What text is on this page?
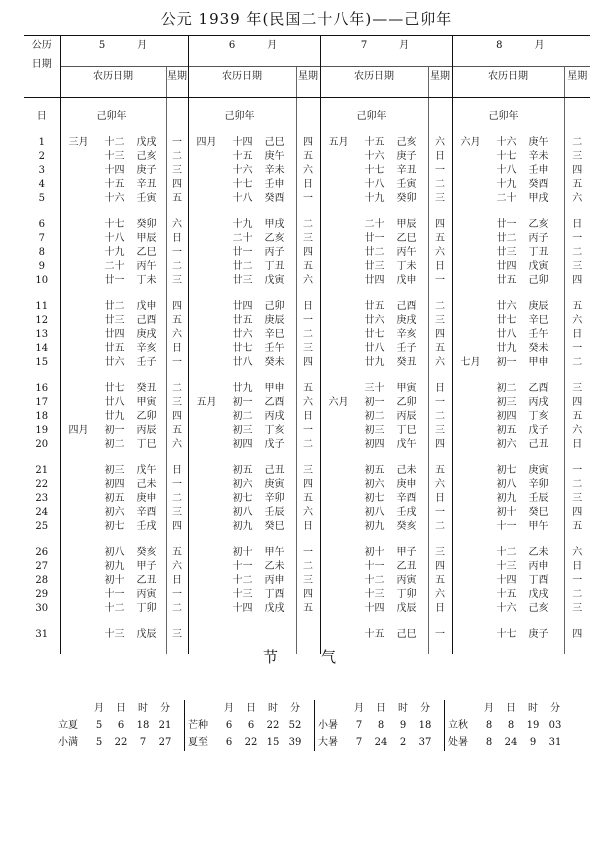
公元 1939 年(民国二十八年)——己卯年
公历
日期	5 月		6 月		7 月		8 月	
	农历日期	星期	农历日期	星期	农历日期	星期	农历日期	星期

日	己卯年		己卯年		己卯年		己卯年	

1	三月 十二 戊戌	一	四月 十四 己巳	四	五月 十五 己亥	六	六月 十六 庚午	二

2	十三 己亥	二	十五 庚午	五	十六 庚子	日	十七 辛未	三

3	十四 庚子	三	十六 辛未	六	十七 辛丑	一	十八 壬申	四

4	十五 辛丑	四	十七 壬申	日	十八 壬寅	二	十九 癸酉	五

5	十六 壬寅	五	十八 癸酉	一	十九 癸卯	三	二十 甲戌	六

6	十七 癸卯	六	十九 甲戌	二	二十 甲辰	四	廿一 乙亥	日

7	十八 甲辰	日	二十 乙亥	三	廿一 乙巳	五	廿二 丙子	一

8	十九 乙巳	一	廿一 丙子	四	廿二 丙午	六	廿三 丁丑	二

9	二十 丙午	二	廿二 丁丑	五	廿三 丁未	日	廿四 戊寅	三

10	廿一 丁未	三	廿三 戊寅	六	廿四 戊申	一	廿五 己卯	四

11	廿二 戊申	四	廿四 己卯	日	廿五 己酉	二	廿六 庚辰	五

12	廿三 己酉	五	廿五 庚辰	一	廿六 庚戌	三	廿七 辛巳	六

13	廿四 庚戌	六	廿六 辛巳	二	廿七 辛亥	四	廿八 壬午	日

14	廿五 辛亥	日	廿七 壬午	三	廿八 壬子	五	廿九 癸未	一

15	廿六 壬子	一	廿八 癸未	四	廿九 癸丑	六	七月 初一 甲申	二

16	廿七 癸丑	二	廿九 甲申	五	三十 甲寅	日	初二 乙酉	三

17	廿八 甲寅	三	五月 初一 乙酉	六	六月 初一 乙卯	一	初三 丙戌	四

18	廿九 乙卯	四	初二 丙戌	日	初二 丙辰	二	初四 丁亥	五

19	四月 初一 丙辰	五	初三 丁亥	一	初三 丁巳	三	初五 戊子	六

20	初二 丁巳	六	初四 戊子	二	初四 戊午	四	初六 己丑	日

21	初三 戊午	日	初五 己丑	三	初五 己未	五	初七 庚寅	一

22	初四 己未	一	初六 庚寅	四	初六 庚申	六	初八 辛卯	二

23	初五 庚申	二	初七 辛卯	五	初七 辛酉	日	初九 壬辰	三

24	初六 辛酉	三	初八 壬辰	六	初八 壬戌	一	初十 癸巳	四

25	初七 壬戌	四	初九 癸巳	日	初九 癸亥	二	十一 甲午	五

26	初八 癸亥	五	初十 甲午	一	初十 甲子	三	十二 乙未	六

27	初九 甲子	六	十一 乙未	二	十一 乙丑	四	十三 丙申	日

28	初十 乙丑	日	十二 丙申	三	十二 丙寅	五	十四 丁酉	一

29	十一 丙寅	一	十三 丁酉	四	十三 丁卯	六	十五 戊戌	二

30	十二 丁卯	二	十四 戊戌	五	十四 戊辰	日	十六 己亥	三

31	十三 戊辰	三			十五 己巳	一	十七 庚子	四

节　气
	月	日	时	分			月	日	时	分			月	日	时	分			月	日	时	分	
立夏	5	6	18	21		芒种	6	6	22	52		小暑	7	8	9	18		立秋	8	8	19	03	
小满	5	22	7	27		夏至	6	22	15	39		大暑	7	24	2	37		处暑	8	24	9	31	
